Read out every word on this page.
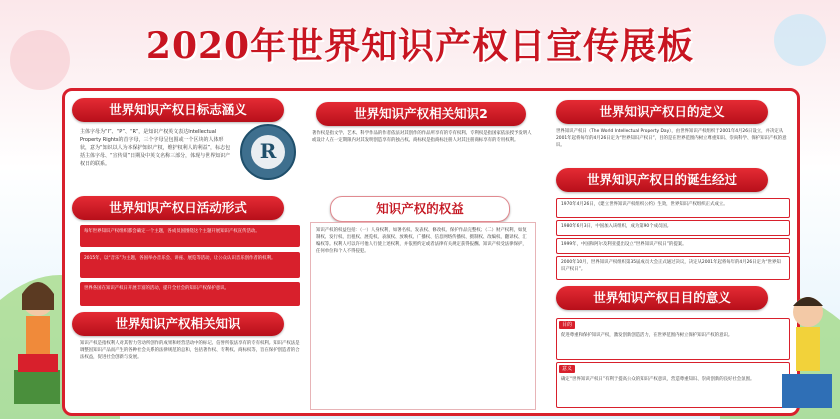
2020年世界知识产权日宣传展板
世界知识产权日标志涵义
主体字母为“I”、“P”、“R”，是知识产权英文表达Intellectual Property Rights的首字母，三个字母呈包围或一个区块的人体形状，意为“知识以人为本保护知识产权，维护权利人的利益”，标志包括主体字母、“宣传周”日期及中英文名称三部分，体现与世界知识产权日的联系。
R
世界知识产权日活动形式
每年世界知识产权组织都会确定一个主题，各成员国围绕这个主题开展知识产权宣传活动。
2015年，以“音乐”为主题，各国举办音乐会、讲座、展览等活动，让公众认识音乐创作者的权利。
世界各国在知识产权日开展丰富的活动，提升全社会的知识产权保护意识。
世界知识产权相关知识
知识产权是指权利人对其智力劳动所创作的成果和经营活动中的标记、信誉所依法享有的专有权利。知识产权法是调整因知识产品而产生的各种社会关系的法律规范的总和，包括著作权、专利权、商标权等，旨在保护创造者的合法权益，促进社会创新与发展。
世界知识产权相关知识2
著作权是指文学、艺术、科学作品的作者依法对其创作的作品所享有的专有权利。专利权是指国家依法授予发明人或设计人在一定期限内对其发明创造享有的独占权。商标权是指商标注册人对其注册商标享有的专用权利。
知识产权的权益
知识产权的权益包括：（一）人身权利，如署名权、发表权、修改权、保护作品完整权；（二）财产权利，如复制权、发行权、出租权、展览权、表演权、放映权、广播权、信息网络传播权、摄制权、改编权、翻译权、汇编权等。权利人可以许可他人行使上述权利，并依照约定或者法律有关规定获得报酬。知识产权受法律保护，任何单位和个人不得侵犯。
世界知识产权日的定义
世界知识产权日（The World Intellectual Property Day），由世界知识产权组织于2001年4月26日设立，并决定从2001年起将每年的4月26日定为“世界知识产权日”，目的是在世界范围内树立尊重知识、崇尚科学、保护知识产权的意识。
世界知识产权日的诞生经过
1970年4月26日，《建立世界知识产权组织公约》生效，世界知识产权组织正式成立。
1980年6月3日，中国加入该组织，成为第90个成员国。
1999年，中国和阿尔及利亚提出设立“世界知识产权日”的提案。
2000年10月，世界知识产权组织第35届成员大会正式通过决议，决定从2001年起将每年的4月26日定为“世界知识产权日”。
世界知识产权日目的意义
目的
促进尊重和保护知识产权，激发创新创造活力，在世界范围内树立保护知识产权的意识。
意义
确定“世界知识产权日”有利于提高公众的知识产权意识，营造尊重知识、崇尚创新的良好社会氛围。
